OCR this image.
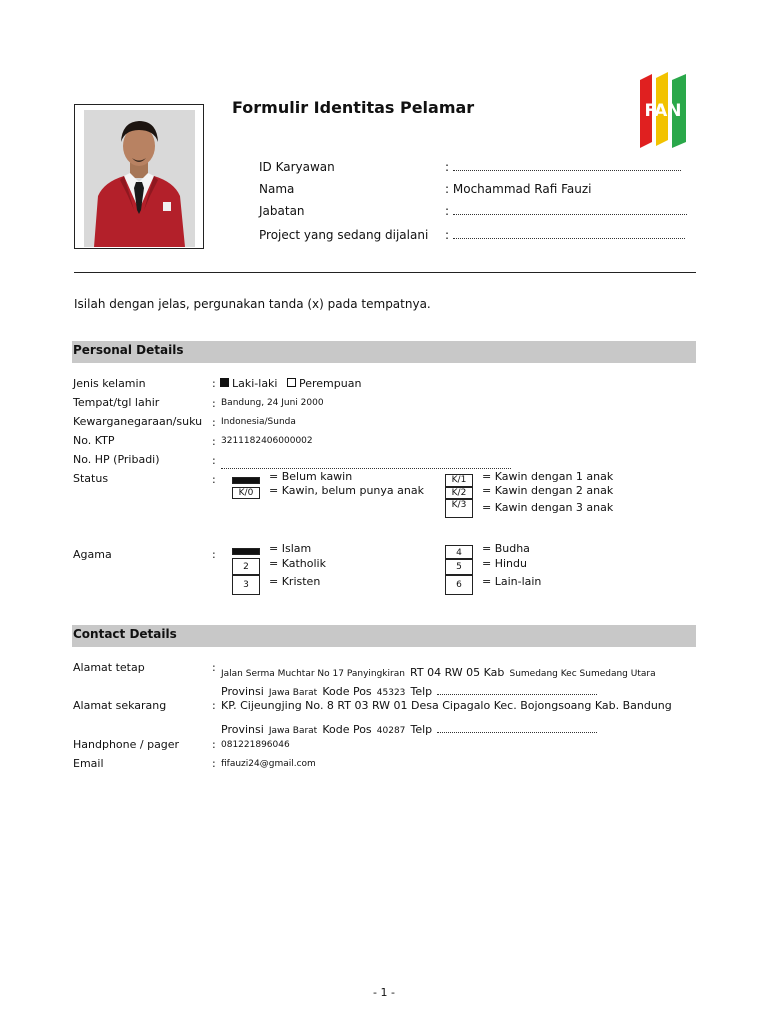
Formulir Identitas Pelamar	FAN
ID Karyawan	:
Nama	: Mochammad Rafi Fauzi
Jabatan	:
Project yang sedang dijalani :
Isilah dengan jelas, pergunakan tanda (x) pada tempatnya.
Personal Details
Jenis kelamin	:	Laki-laki Perempuan
Tempat/tgl lahir	: Bandung, 24 Juni 2000
Kewarganegaraan/suku : Indonesia/Sunda
No. KTP	: 3211182406000002
No. HP (Pribadi)	:
Status	:	= Belum kawin
K/0	= Kawin, belum punya anak
K/1	= Kawin dengan 1 anak
K/2	= Kawin dengan 2 anak
K/3	= Kawin dengan 3 anak
Agama	:	= Islam
2	= Katholik
3	= Kristen
4	= Budha
5	= Hindu
6	= Lain-lain
Contact Details
Alamat tetap	: Jalan Serma Muchtar No 17 Panyingkiran RT 04 RW 05 Kab Sumedang Kec Sumedang Utara
Provinsi Jawa Barat Kode Pos 45323 Telp
Alamat sekarang	: KP. Cijeungjing No. 8 RT 03 RW 01 Desa Cipagalo Kec. Bojongsoang Kab. Bandung
Provinsi Jawa Barat Kode Pos 40287 Telp
Handphone / pager	: 081221896046
Email	: fifauzi24@gmail.com
- 1 -
